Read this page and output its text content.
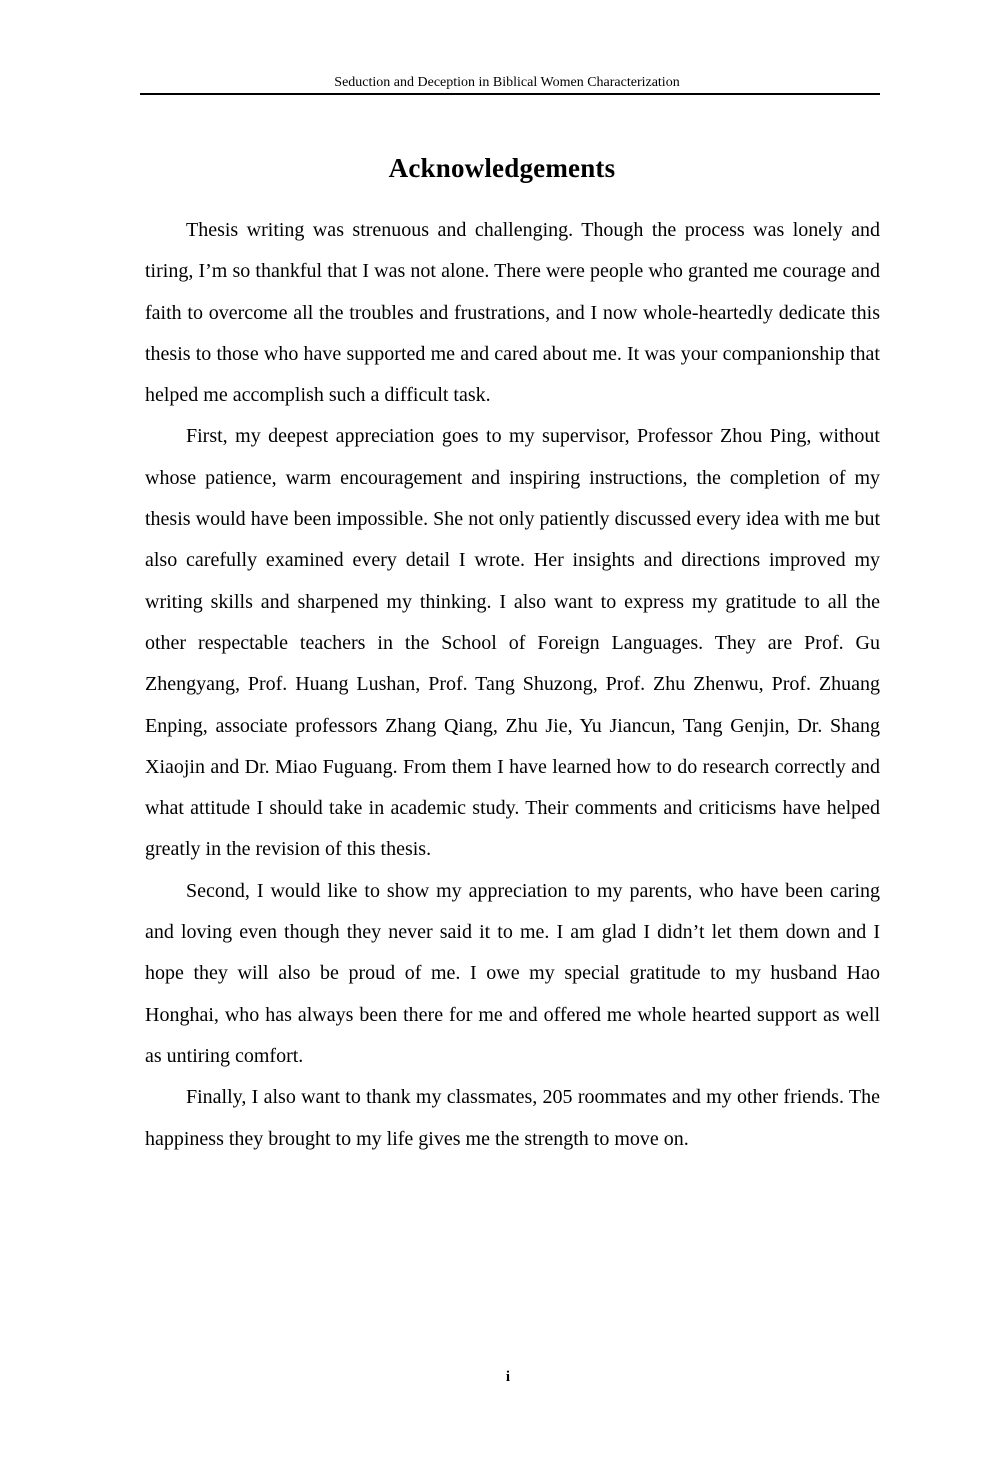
Seduction and Deception in Biblical Women Characterization
Acknowledgements

Thesis writing was strenuous and challenging. Though the process was lonely and tiring, I’m so thankful that I was not alone. There were people who granted me courage and faith to overcome all the troubles and frustrations, and I now whole-heartedly dedicate this thesis to those who have supported me and cared about me. It was your companionship that helped me accomplish such a difficult task.

First, my deepest appreciation goes to my supervisor, Professor Zhou Ping, without whose patience, warm encouragement and inspiring instructions, the completion of my thesis would have been impossible. She not only patiently discussed every idea with me but also carefully examined every detail I wrote. Her insights and directions improved my writing skills and sharpened my thinking. I also want to express my gratitude to all the other respectable teachers in the School of Foreign Languages. They are Prof. Gu Zhengyang, Prof. Huang Lushan, Prof. Tang Shuzong, Prof. Zhu Zhenwu, Prof. Zhuang Enping, associate professors Zhang Qiang, Zhu Jie, Yu Jiancun, Tang Genjin, Dr. Shang Xiaojin and Dr. Miao Fuguang. From them I have learned how to do research correctly and what attitude I should take in academic study. Their comments and criticisms have helped greatly in the revision of this thesis.

Second, I would like to show my appreciation to my parents, who have been caring and loving even though they never said it to me. I am glad I didn’t let them down and I hope they will also be proud of me. I owe my special gratitude to my husband Hao Honghai, who has always been there for me and offered me whole hearted support as well as untiring comfort.

Finally, I also want to thank my classmates, 205 roommates and my other friends. The happiness they brought to my life gives me the strength to move on.

i
